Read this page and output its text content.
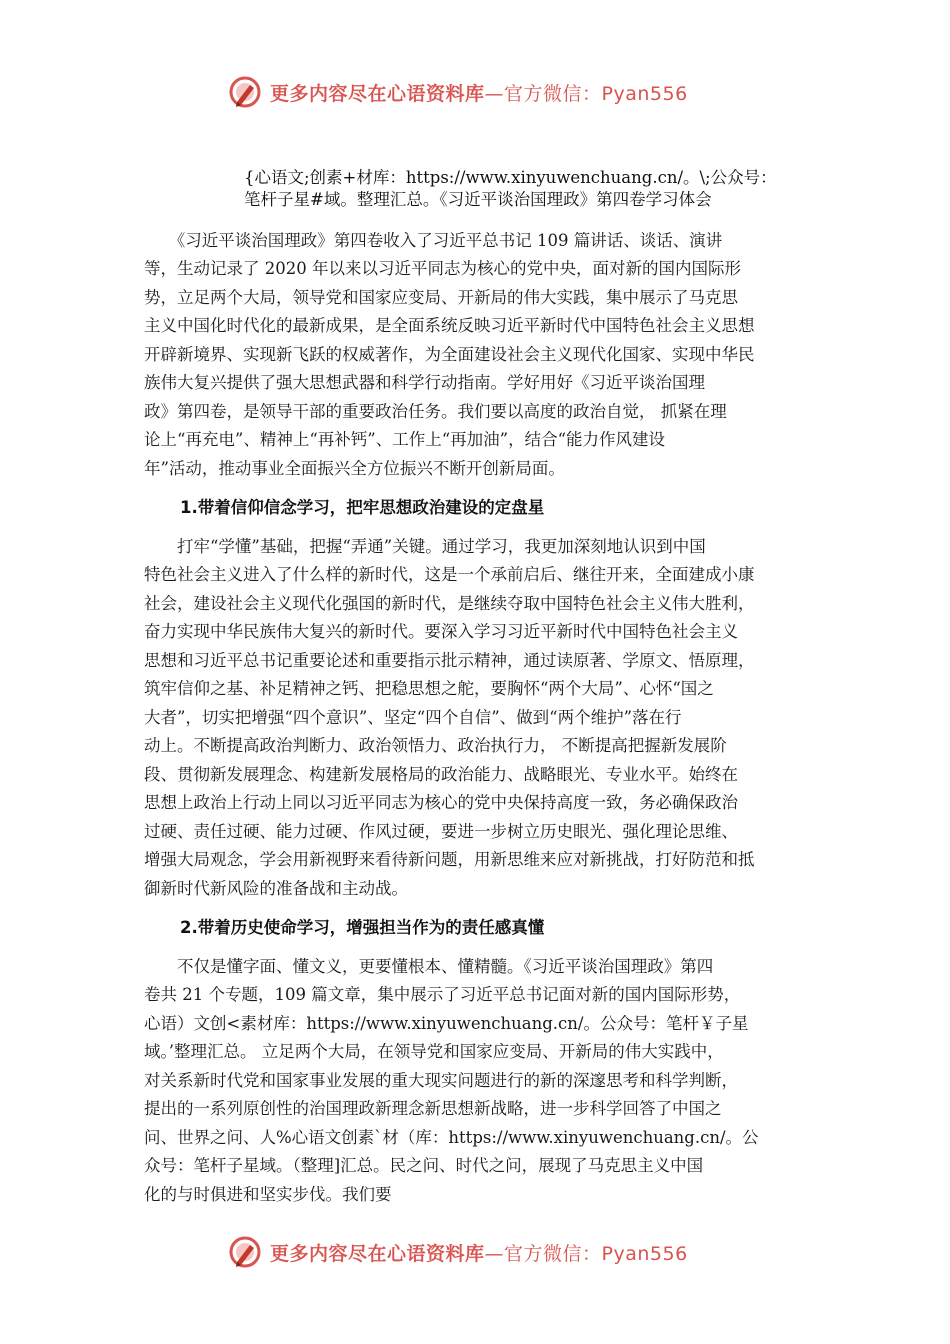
更多内容尽在心语资料库—官方微信：Pyan556
{心语文;创素+材库：https://www.xinyuwenchuang.cn/。\;公众号：
笔杆子星#域。整理汇总。《习近平谈治国理政》第四卷学习体会
　　《习近平谈治国理政》第四卷收入了习近平总书记 109 篇讲话、谈话、演讲
等，生动记录了 2020 年以来以习近平同志为核心的党中央，面对新的国内国际形
势，立足两个大局，领导党和国家应变局、开新局的伟大实践，集中展示了马克思
主义中国化时代化的最新成果，是全面系统反映习近平新时代中国特色社会主义思想
开辟新境界、实现新飞跃的权威著作，为全面建设社会主义现代化国家、实现中华民
族伟大复兴提供了强大思想武器和科学行动指南。学好用好《习近平谈治国理
政》第四卷，是领导干部的重要政治任务。我们要以高度的政治自觉， 抓紧在理
论上“再充电”、精神上“再补钙”、工作上“再加油”，结合“能力作风建设
年”活动，推动事业全面振兴全方位振兴不断开创新局面。
1.带着信仰信念学习，把牢思想政治建设的定盘星
　　打牢“学懂”基础，把握“弄通”关键。通过学习，我更加深刻地认识到中国
特色社会主义进入了什么样的新时代，这是一个承前启后、继往开来，全面建成小康
社会，建设社会主义现代化强国的新时代，是继续夺取中国特色社会主义伟大胜利，
奋力实现中华民族伟大复兴的新时代。要深入学习习近平新时代中国特色社会主义
思想和习近平总书记重要论述和重要指示批示精神，通过读原著、学原文、悟原理，
筑牢信仰之基、补足精神之钙、把稳思想之舵，要胸怀“两个大局”、心怀“国之
大者”，切实把增强“四个意识”、坚定“四个自信”、做到“两个维护”落在行
动上。不断提高政治判断力、政治领悟力、政治执行力， 不断提高把握新发展阶
段、贯彻新发展理念、构建新发展格局的政治能力、战略眼光、专业水平。始终在
思想上政治上行动上同以习近平同志为核心的党中央保持高度一致，务必确保政治
过硬、责任过硬、能力过硬、作风过硬，要进一步树立历史眼光、强化理论思维、
增强大局观念，学会用新视野来看待新问题，用新思维来应对新挑战，打好防范和抵
御新时代新风险的准备战和主动战。
2.带着历史使命学习，增强担当作为的责任感真懂
　　不仅是懂字面、懂文义，更要懂根本、懂精髓。《习近平谈治国理政》第四
卷共 21 个专题，109 篇文章，集中展示了习近平总书记面对新的国内国际形势，
心语）文创<素材库：https://www.xinyuwenchuang.cn/。公众号：笔杆￥子星
域。’整理汇总。 立足两个大局，在领导党和国家应变局、开新局的伟大实践中，
对关系新时代党和国家事业发展的重大现实问题进行的新的深邃思考和科学判断，
提出的一系列原创性的治国理政新理念新思想新战略，进一步科学回答了中国之
问、世界之问、人%心语文创素`材（库：https://www.xinyuwenchuang.cn/。公
众号：笔杆子星域。（整理]汇总。民之问、时代之问，展现了马克思主义中国
化的与时俱进和坚实步伐。我们要
更多内容尽在心语资料库—官方微信：Pyan556
